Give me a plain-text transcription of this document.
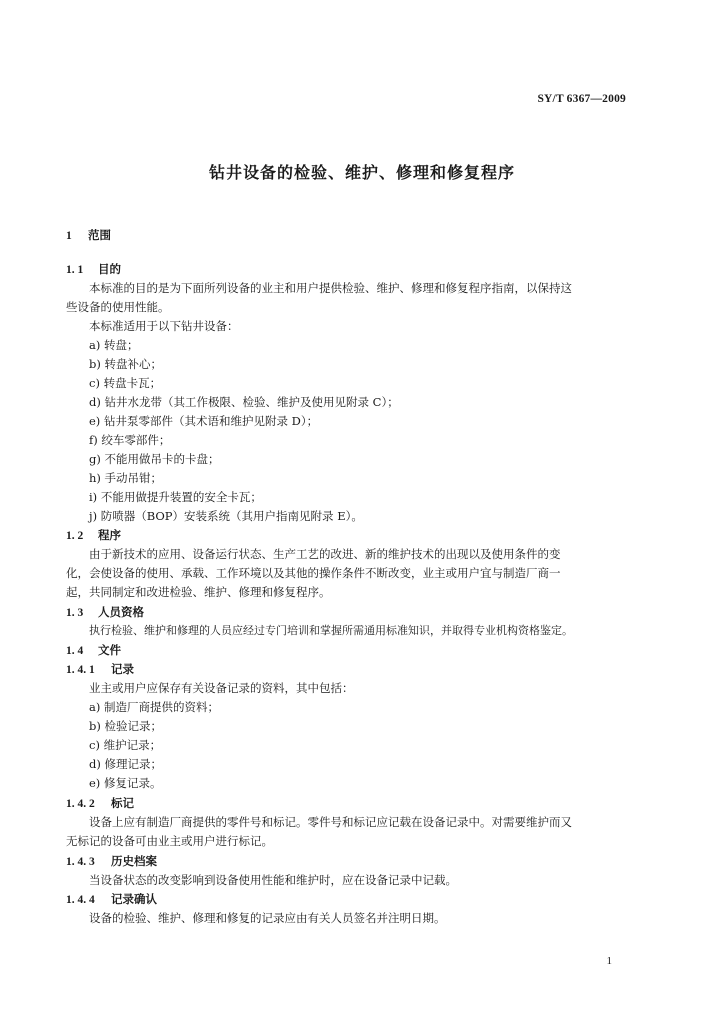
SY/T 6367—2009
钻井设备的检验、维护、修理和修复程序
1 范围
1. 1 目的
本标准的目的是为下面所列设备的业主和用户提供检验、维护、修理和修复程序指南，以保持这
些设备的使用性能。
本标准适用于以下钻井设备：
a) 转盘；
b) 转盘补心；
c) 转盘卡瓦；
d) 钻井水龙带（其工作极限、检验、维护及使用见附录 C）；
e) 钻井泵零部件（其术语和维护见附录 D）；
f) 绞车零部件；
g) 不能用做吊卡的卡盘；
h) 手动吊钳；
i) 不能用做提升装置的安全卡瓦；
j) 防喷器（BOP）安装系统（其用户指南见附录 E）。
1. 2 程序
由于新技术的应用、设备运行状态、生产工艺的改进、新的维护技术的出现以及使用条件的变
化，会使设备的使用、承载、工作环境以及其他的操作条件不断改变，业主或用户宜与制造厂商一
起，共同制定和改进检验、维护、修理和修复程序。
1. 3 人员资格
执行检验、维护和修理的人员应经过专门培训和掌握所需通用标准知识，并取得专业机构资格鉴定。
1. 4 文件
1. 4. 1 记录
业主或用户应保存有关设备记录的资料，其中包括：
a) 制造厂商提供的资料；
b) 检验记录；
c) 维护记录；
d) 修理记录；
e) 修复记录。
1. 4. 2 标记
设备上应有制造厂商提供的零件号和标记。零件号和标记应记载在设备记录中。对需要维护而又
无标记的设备可由业主或用户进行标记。
1. 4. 3 历史档案
当设备状态的改变影响到设备使用性能和维护时，应在设备记录中记载。
1. 4. 4 记录确认
设备的检验、维护、修理和修复的记录应由有关人员签名并注明日期。
1
